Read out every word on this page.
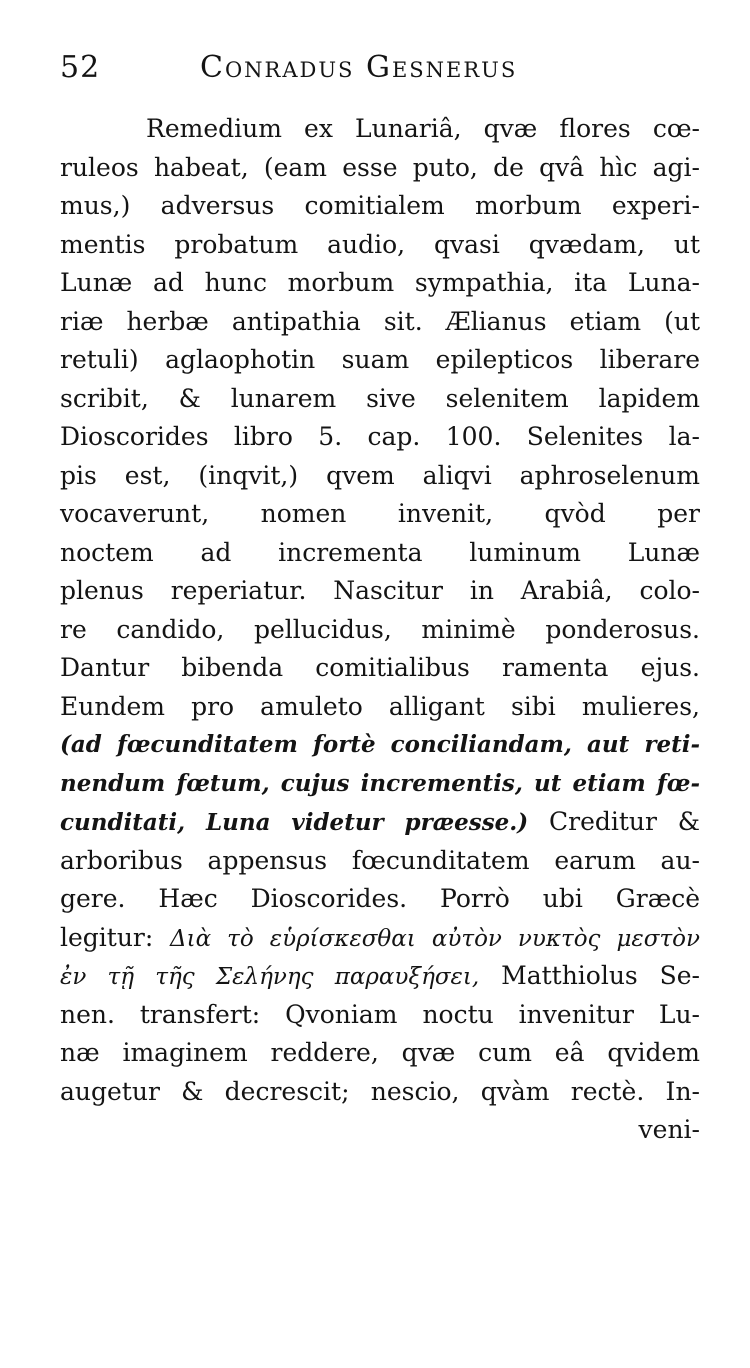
52	Conradus Gesnerus
Remedium ex Lunariâ, qvæ flores cœ-
ruleos habeat, (eam esse puto, de qvâ hìc agi-
mus,) adversus comitialem morbum experi-
mentis probatum audio, qvasi qvædam, ut
Lunæ ad hunc morbum sympathia, ita Luna-
riæ herbæ antipathia sit. Ælianus etiam (ut
retuli) aglaophotin suam epilepticos liberare
scribit, & lunarem sive selenitem lapidem
Dioscorides libro 5. cap. 100. Selenites la-
pis est, (inqvit,) qvem aliqvi aphroselenum
vocaverunt, nomen invenit, qvòd per
noctem ad incrementa luminum Lunæ
plenus reperiatur. Nascitur in Arabiâ, colo-
re candido, pellucidus, minimè ponderosus.
Dantur bibenda comitialibus ramenta ejus.
Eundem pro amuleto alligant sibi mulieres,
(ad fœcunditatem fortè conciliandam, aut reti-
nendum fœtum, cujus incrementis, ut etiam fœ-
cunditati, Luna videtur præesse.) Creditur &
arboribus appensus fœcunditatem earum au-
gere. Hæc Dioscorides. Porrò ubi Græcè
legitur: Διὰ τὸ εὑρίσκεσθαι αὐτὸν νυκτὸς μεστὸν
ἐν τῇ τῆς Σελήνης παραυξήσει, Matthiolus Se-
nen. transfert: Qvoniam noctu invenitur Lu-
næ imaginem reddere, qvæ cum eâ qvidem
augetur & decrescit; nescio, qvàm rectè. In-
veni-
